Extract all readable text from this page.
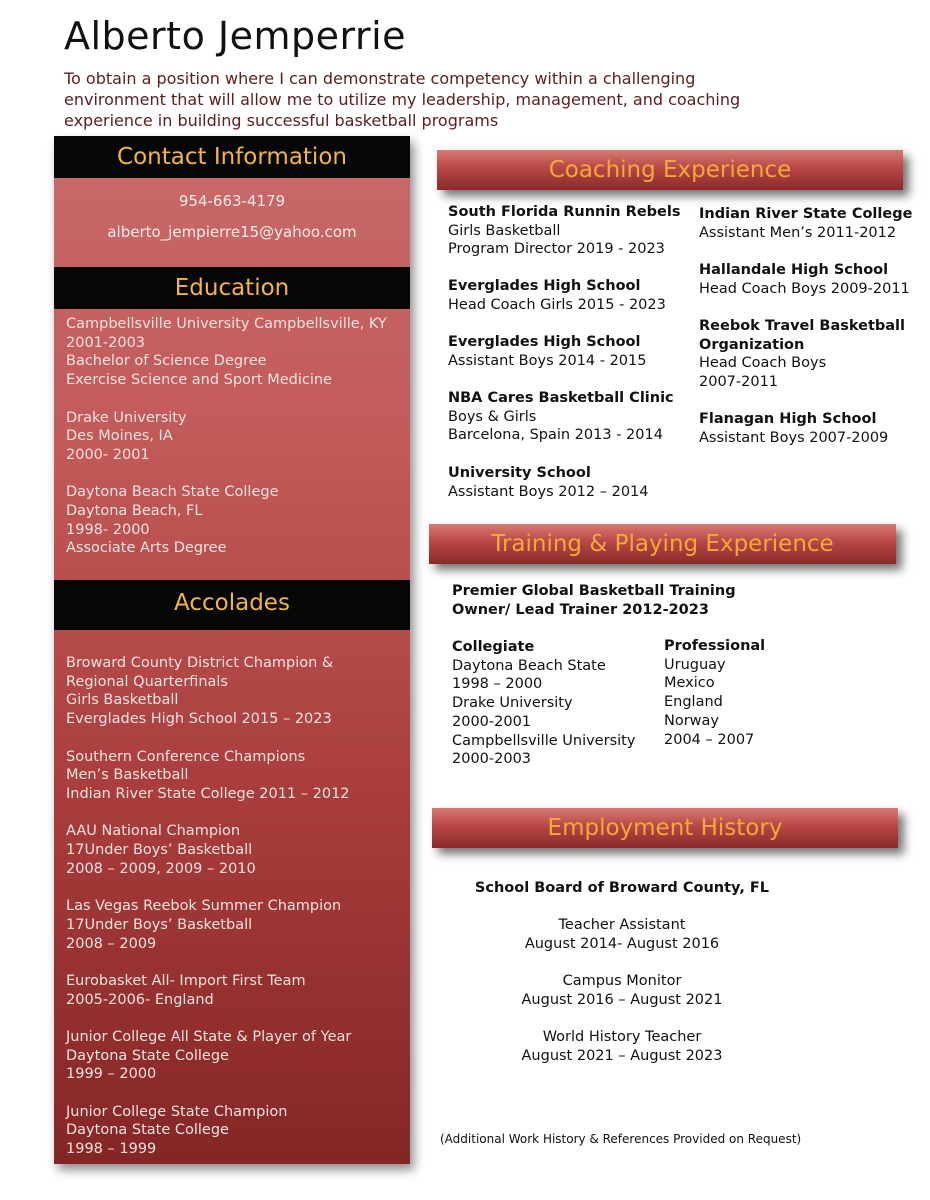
Alberto Jemperrie

To obtain a position where I can demonstrate competency within a challenging environment that will allow me to utilize my leadership, management, and coaching experience in building successful basketball programs

Contact Information
954-663-4179
alberto_jempierre15@yahoo.com
Education

Campbellsville University Campbellsville, KY
2001-2003
Bachelor of Science Degree
Exercise Science and Sport Medicine

Drake University
Des Moines, IA
2000- 2001

Daytona Beach State College
Daytona Beach, FL
1998- 2000
Associate Arts Degree

Accolades

Broward County District Champion &
Regional Quarterfinals
Girls Basketball
Everglades High School 2015 – 2023

Southern Conference Champions
Men’s Basketball
Indian River State College 2011 – 2012

AAU National Champion
17Under Boys’ Basketball
2008 – 2009, 2009 – 2010

Las Vegas Reebok Summer Champion
17Under Boys’ Basketball
2008 – 2009

Eurobasket All- Import First Team
2005-2006- England

Junior College All State & Player of Year
Daytona State College
1999 – 2000

Junior College State Champion
Daytona State College
1998 – 1999

Coaching Experience
South Florida Runnin Rebels
Girls Basketball
Program Director 2019 - 2023
Everglades High School
Head Coach Girls 2015 - 2023
Everglades High School
Assistant Boys 2014 - 2015
NBA Cares Basketball Clinic
Boys & Girls
Barcelona, Spain 2013 - 2014
University School
Assistant Boys 2012 – 2014
Indian River State College
Assistant Men’s 2011-2012
Hallandale High School
Head Coach Boys 2009-2011
Reebok Travel Basketball
Organization
Head Coach Boys
2007-2011
Flanagan High School
Assistant Boys 2007-2009
Training & Playing Experience
Premier Global Basketball Training
Owner/ Lead Trainer 2012-2023
Collegiate
Daytona Beach State
1998 – 2000
Drake University
2000-2001
Campbellsville University
2000-2003
Professional
Uruguay
Mexico
England
Norway
2004 – 2007
Employment History
School Board of Broward County, FL
Teacher Assistant
August 2014- August 2016
Campus Monitor
August 2016 – August 2021
World History Teacher
August 2021 – August 2023
(Additional Work History & References Provided on Request)
